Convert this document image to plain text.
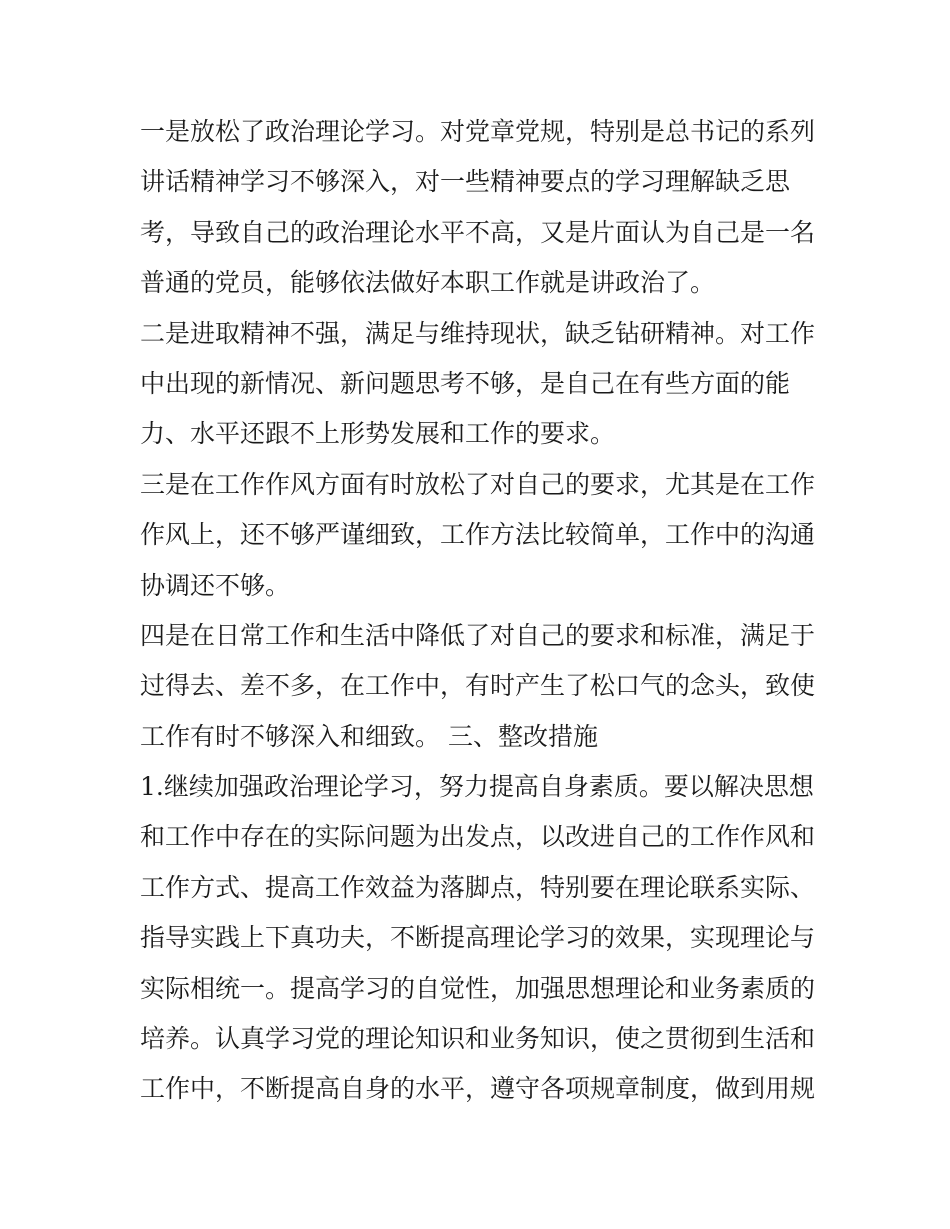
一是放松了政治理论学习。对党章党规，特别是总书记的系列
讲话精神学习不够深入，对一些精神要点的学习理解缺乏思
考，导致自己的政治理论水平不高，又是片面认为自己是一名
普通的党员，能够依法做好本职工作就是讲政治了。
二是进取精神不强，满足与维持现状，缺乏钻研精神。对工作
中出现的新情况、新问题思考不够，是自己在有些方面的能
力、水平还跟不上形势发展和工作的要求。
三是在工作作风方面有时放松了对自己的要求，尤其是在工作
作风上，还不够严谨细致，工作方法比较简单，工作中的沟通
协调还不够。
四是在日常工作和生活中降低了对自己的要求和标准，满足于
过得去、差不多，在工作中，有时产生了松口气的念头，致使
工作有时不够深入和细致。 三、整改措施
1.继续加强政治理论学习，努力提高自身素质。要以解决思想
和工作中存在的实际问题为出发点，以改进自己的工作作风和
工作方式、提高工作效益为落脚点，特别要在理论联系实际、
指导实践上下真功夫，不断提高理论学习的效果，实现理论与
实际相统一。提高学习的自觉性，加强思想理论和业务素质的
培养。认真学习党的理论知识和业务知识，使之贯彻到生活和
工作中，不断提高自身的水平，遵守各项规章制度，做到用规
